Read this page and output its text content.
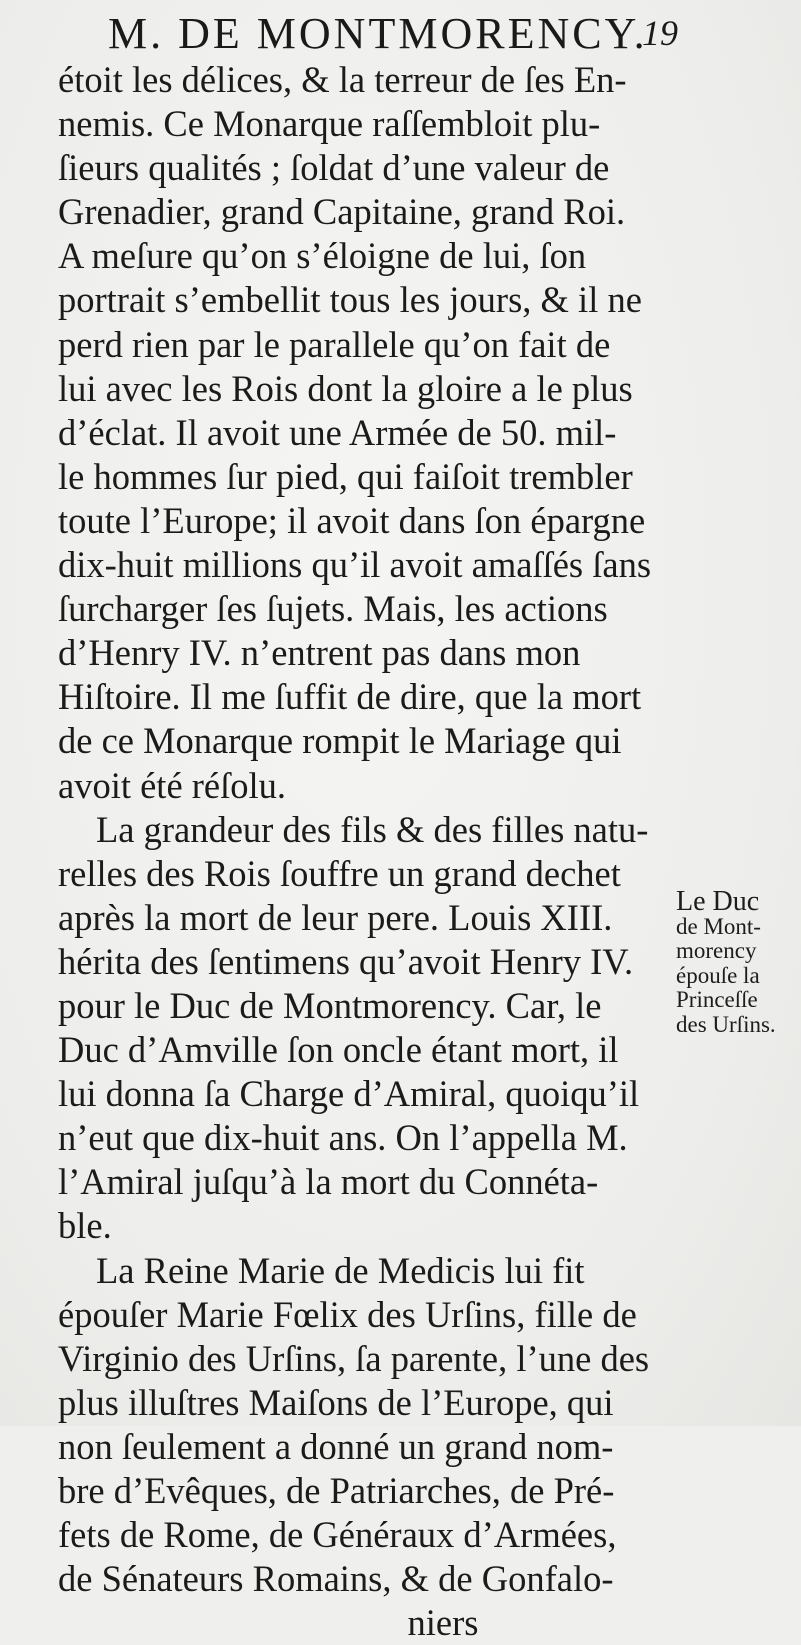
M. DE MONTMORENCY.
19
étoit les délices, & la terreur de ſes En-
nemis. Ce Monarque raſſembloit plu-
ſieurs qualités ; ſoldat d’une valeur de
Grenadier, grand Capitaine, grand Roi.
A meſure qu’on s’éloigne de lui, ſon
portrait s’embellit tous les jours, & il ne
perd rien par le parallele qu’on fait de
lui avec les Rois dont la gloire a le plus
d’éclat. Il avoit une Armée de 50. mil-
le hommes ſur pied, qui faiſoit trembler
toute l’Europe; il avoit dans ſon épargne
dix-huit millions qu’il avoit amaſſés ſans
ſurcharger ſes ſujets. Mais, les actions
d’Henry IV. n’entrent pas dans mon
Hiſtoire. Il me ſuffit de dire, que la mort
de ce Monarque rompit le Mariage qui
avoit été réſolu.
La grandeur des fils & des filles natu-
relles des Rois ſouffre un grand dechet
après la mort de leur pere. Louis XIII.
hérita des ſentimens qu’avoit Henry IV.
pour le Duc de Montmorency. Car, le
Duc d’Amville ſon oncle étant mort, il
lui donna ſa Charge d’Amiral, quoiqu’il
n’eut que dix-huit ans. On l’appella M.
l’Amiral juſqu’à la mort du Connéta-
ble.
La Reine Marie de Medicis lui fit
épouſer Marie Fœlix des Urſins, fille de
Virginio des Urſins, ſa parente, l’une des
plus illuſtres Maiſons de l’Europe, qui
non ſeulement a donné un grand nom-
bre d’Evêques, de Patriarches, de Pré-
fets de Rome, de Généraux d’Armées,
de Sénateurs Romains, & de Gonfalo-
niers
Le Duc
de Mont-
morency
épouſe la
Princeſſe
des Urſins.
